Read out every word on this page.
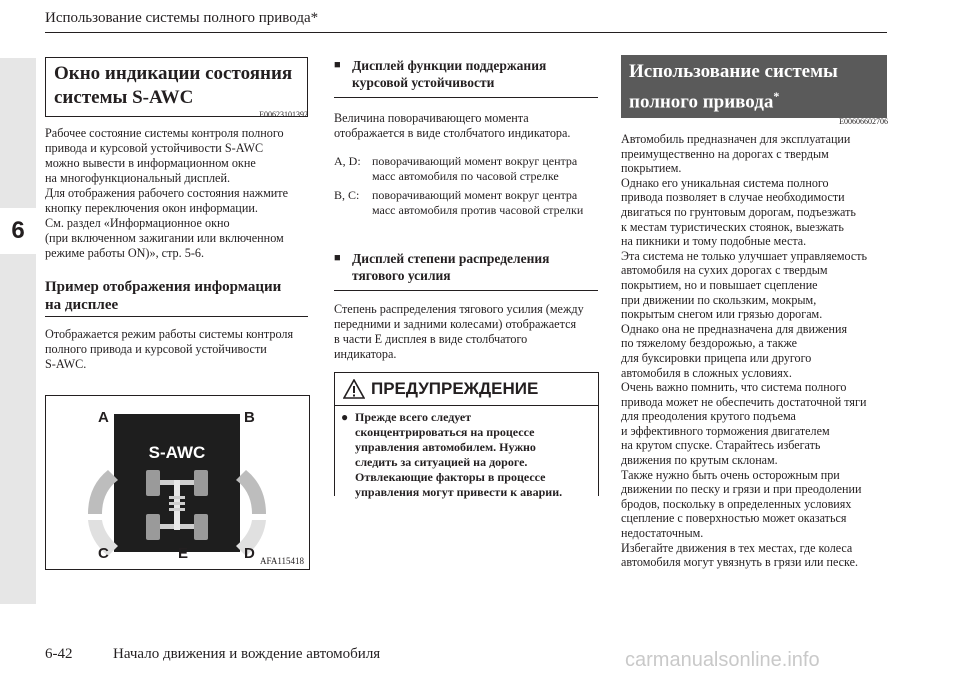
Использование системы полного привода*
6
Окно индикации состояния
системы S-AWC
E00623101392
Рабочее состояние системы контроля полного
привода и курсовой устойчивости S-AWC
можно вывести в информационном окне
на многофункциональный дисплей.
Для отображения рабочего состояния нажмите
кнопку переключения окон информации.
См. раздел «Информационное окно
(при включенном зажигании или включенном
режиме работы ON)», стр. 5-6.
Пример отображения информации
на дисплее
Отображается режим работы системы контроля
полного привода и курсовой устойчивости
S-AWC.
S-AWC
A	B
C	E	D AFA115418
■ Дисплей функции поддержания
курсовой устойчивости
Величина поворачивающего момента
отображается в виде столбчатого индикатора.
A, D: поворачивающий момент вокруг центра
масс автомобиля по часовой стрелке
B, C:	поворачивающий момент вокруг центра
масс автомобиля против часовой стрелки
■ Дисплей степени распределения
тягового усилия
Степень распределения тягового усилия (между
передними и задними колесами) отображается
в части E дисплея в виде столбчатого
индикатора.
ПРЕДУПРЕЖДЕНИЕ
● Прежде всего следует
сконцентрироваться на процессе
управления автомобилем. Нужно
следить за ситуацией на дороге.
Отвлекающие факторы в процессе
управления могут привести к аварии.
Использование системы
полного привода*
E00606602706
Автомобиль предназначен для эксплуатации
преимущественно на дорогах с твердым
покрытием.
Однако его уникальная система полного
привода позволяет в случае необходимости
двигаться по грунтовым дорогам, подъезжать
к местам туристических стоянок, выезжать
на пикники и тому подобные места.
Эта система не только улучшает управляемость
автомобиля на сухих дорогах с твердым
покрытием, но и повышает сцепление
при движении по скользким, мокрым,
покрытым снегом или грязью дорогам.
Однако она не предназначена для движения
по тяжелому бездорожью, а также
для буксировки прицепа или другого
автомобиля в сложных условиях.
Очень важно помнить, что система полного
привода может не обеспечить достаточной тяги
для преодоления крутого подъема
и эффективного торможения двигателем
на крутом спуске. Старайтесь избегать
движения по крутым склонам.
Также нужно быть очень осторожным при
движении по песку и грязи и при преодолении
бродов, поскольку в определенных условиях
сцепление с поверхностью может оказаться
недостаточным.
Избегайте движения в тех местах, где колеса
автомобиля могут увязнуть в грязи или песке.
6-42	Начало движения и вождение автомобиля	carmanualsonline.info
